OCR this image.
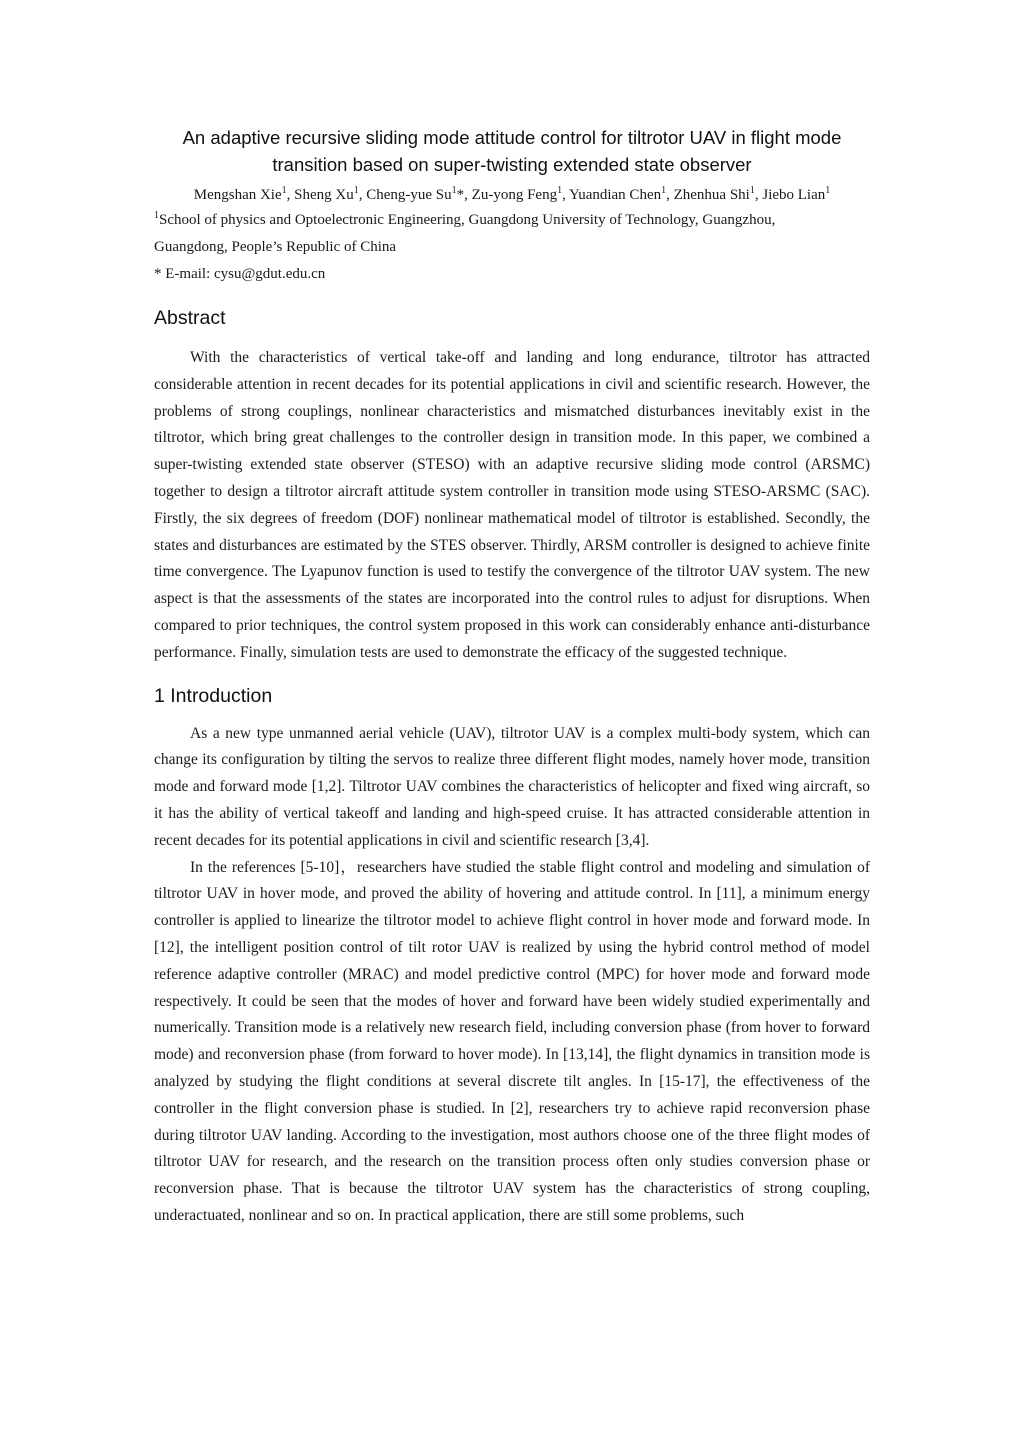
An adaptive recursive sliding mode attitude control for tiltrotor UAV in flight mode
transition based on super-twisting extended state observer
Mengshan Xie$^1$, Sheng Xu$^1$, Cheng-yue Su$^1$*, Zu-yong Feng$^1$, Yuandian Chen$^1$, Zhenhua Shi$^1$, Jiebo Lian$^1$
$^1$School of physics and Optoelectronic Engineering, Guangdong University of Technology, Guangzhou,
Guangdong, People’s Republic of China
* E-mail: cysu@gdut.edu.cn
Abstract

With the characteristics of vertical take-off and landing and long endurance, tiltrotor has attracted considerable attention in recent decades for its potential applications in civil and scientific research. However, the problems of strong couplings, nonlinear characteristics and mismatched disturbances inevitably exist in the tiltrotor, which bring great challenges to the controller design in transition mode. In this paper, we combined a super-twisting extended state observer (STESO) with an adaptive recursive sliding mode control (ARSMC) together to design a tiltrotor aircraft attitude system controller in transition mode using STESO-ARSMC (SAC). Firstly, the six degrees of freedom (DOF) nonlinear mathematical model of tiltrotor is established. Secondly, the states and disturbances are estimated by the STES observer. Thirdly, ARSM controller is designed to achieve finite time convergence. The Lyapunov function is used to testify the convergence of the tiltrotor UAV system. The new aspect is that the assessments of the states are incorporated into the control rules to adjust for disruptions. When compared to prior techniques, the control system proposed in this work can considerably enhance anti-disturbance performance. Finally, simulation tests are used to demonstrate the efficacy of the suggested technique.

1 Introduction

As a new type unmanned aerial vehicle (UAV), tiltrotor UAV is a complex multi-body system, which can change its configuration by tilting the servos to realize three different flight modes, namely hover mode, transition mode and forward mode [1,2]. Tiltrotor UAV combines the characteristics of helicopter and fixed wing aircraft, so it has the ability of vertical takeoff and landing and high-speed cruise. It has attracted considerable attention in recent decades for its potential applications in civil and scientific research [3,4].

In the references [5-10]，researchers have studied the stable flight control and modeling and simulation of tiltrotor UAV in hover mode, and proved the ability of hovering and attitude control. In [11], a minimum energy controller is applied to linearize the tiltrotor model to achieve flight control in hover mode and forward mode. In [12], the intelligent position control of tilt rotor UAV is realized by using the hybrid control method of model reference adaptive controller (MRAC) and model predictive control (MPC) for hover mode and forward mode respectively. It could be seen that the modes of hover and forward have been widely studied experimentally and numerically. Transition mode is a relatively new research field, including conversion phase (from hover to forward mode) and reconversion phase (from forward to hover mode). In [13,14], the flight dynamics in transition mode is analyzed by studying the flight conditions at several discrete tilt angles. In [15-17], the effectiveness of the controller in the flight conversion phase is studied. In [2], researchers try to achieve rapid reconversion phase during tiltrotor UAV landing. According to the investigation, most authors choose one of the three flight modes of tiltrotor UAV for research, and the research on the transition process often only studies conversion phase or reconversion phase. That is because the tiltrotor UAV system has the characteristics of strong coupling, underactuated, nonlinear and so on. In practical application, there are still some problems, such
